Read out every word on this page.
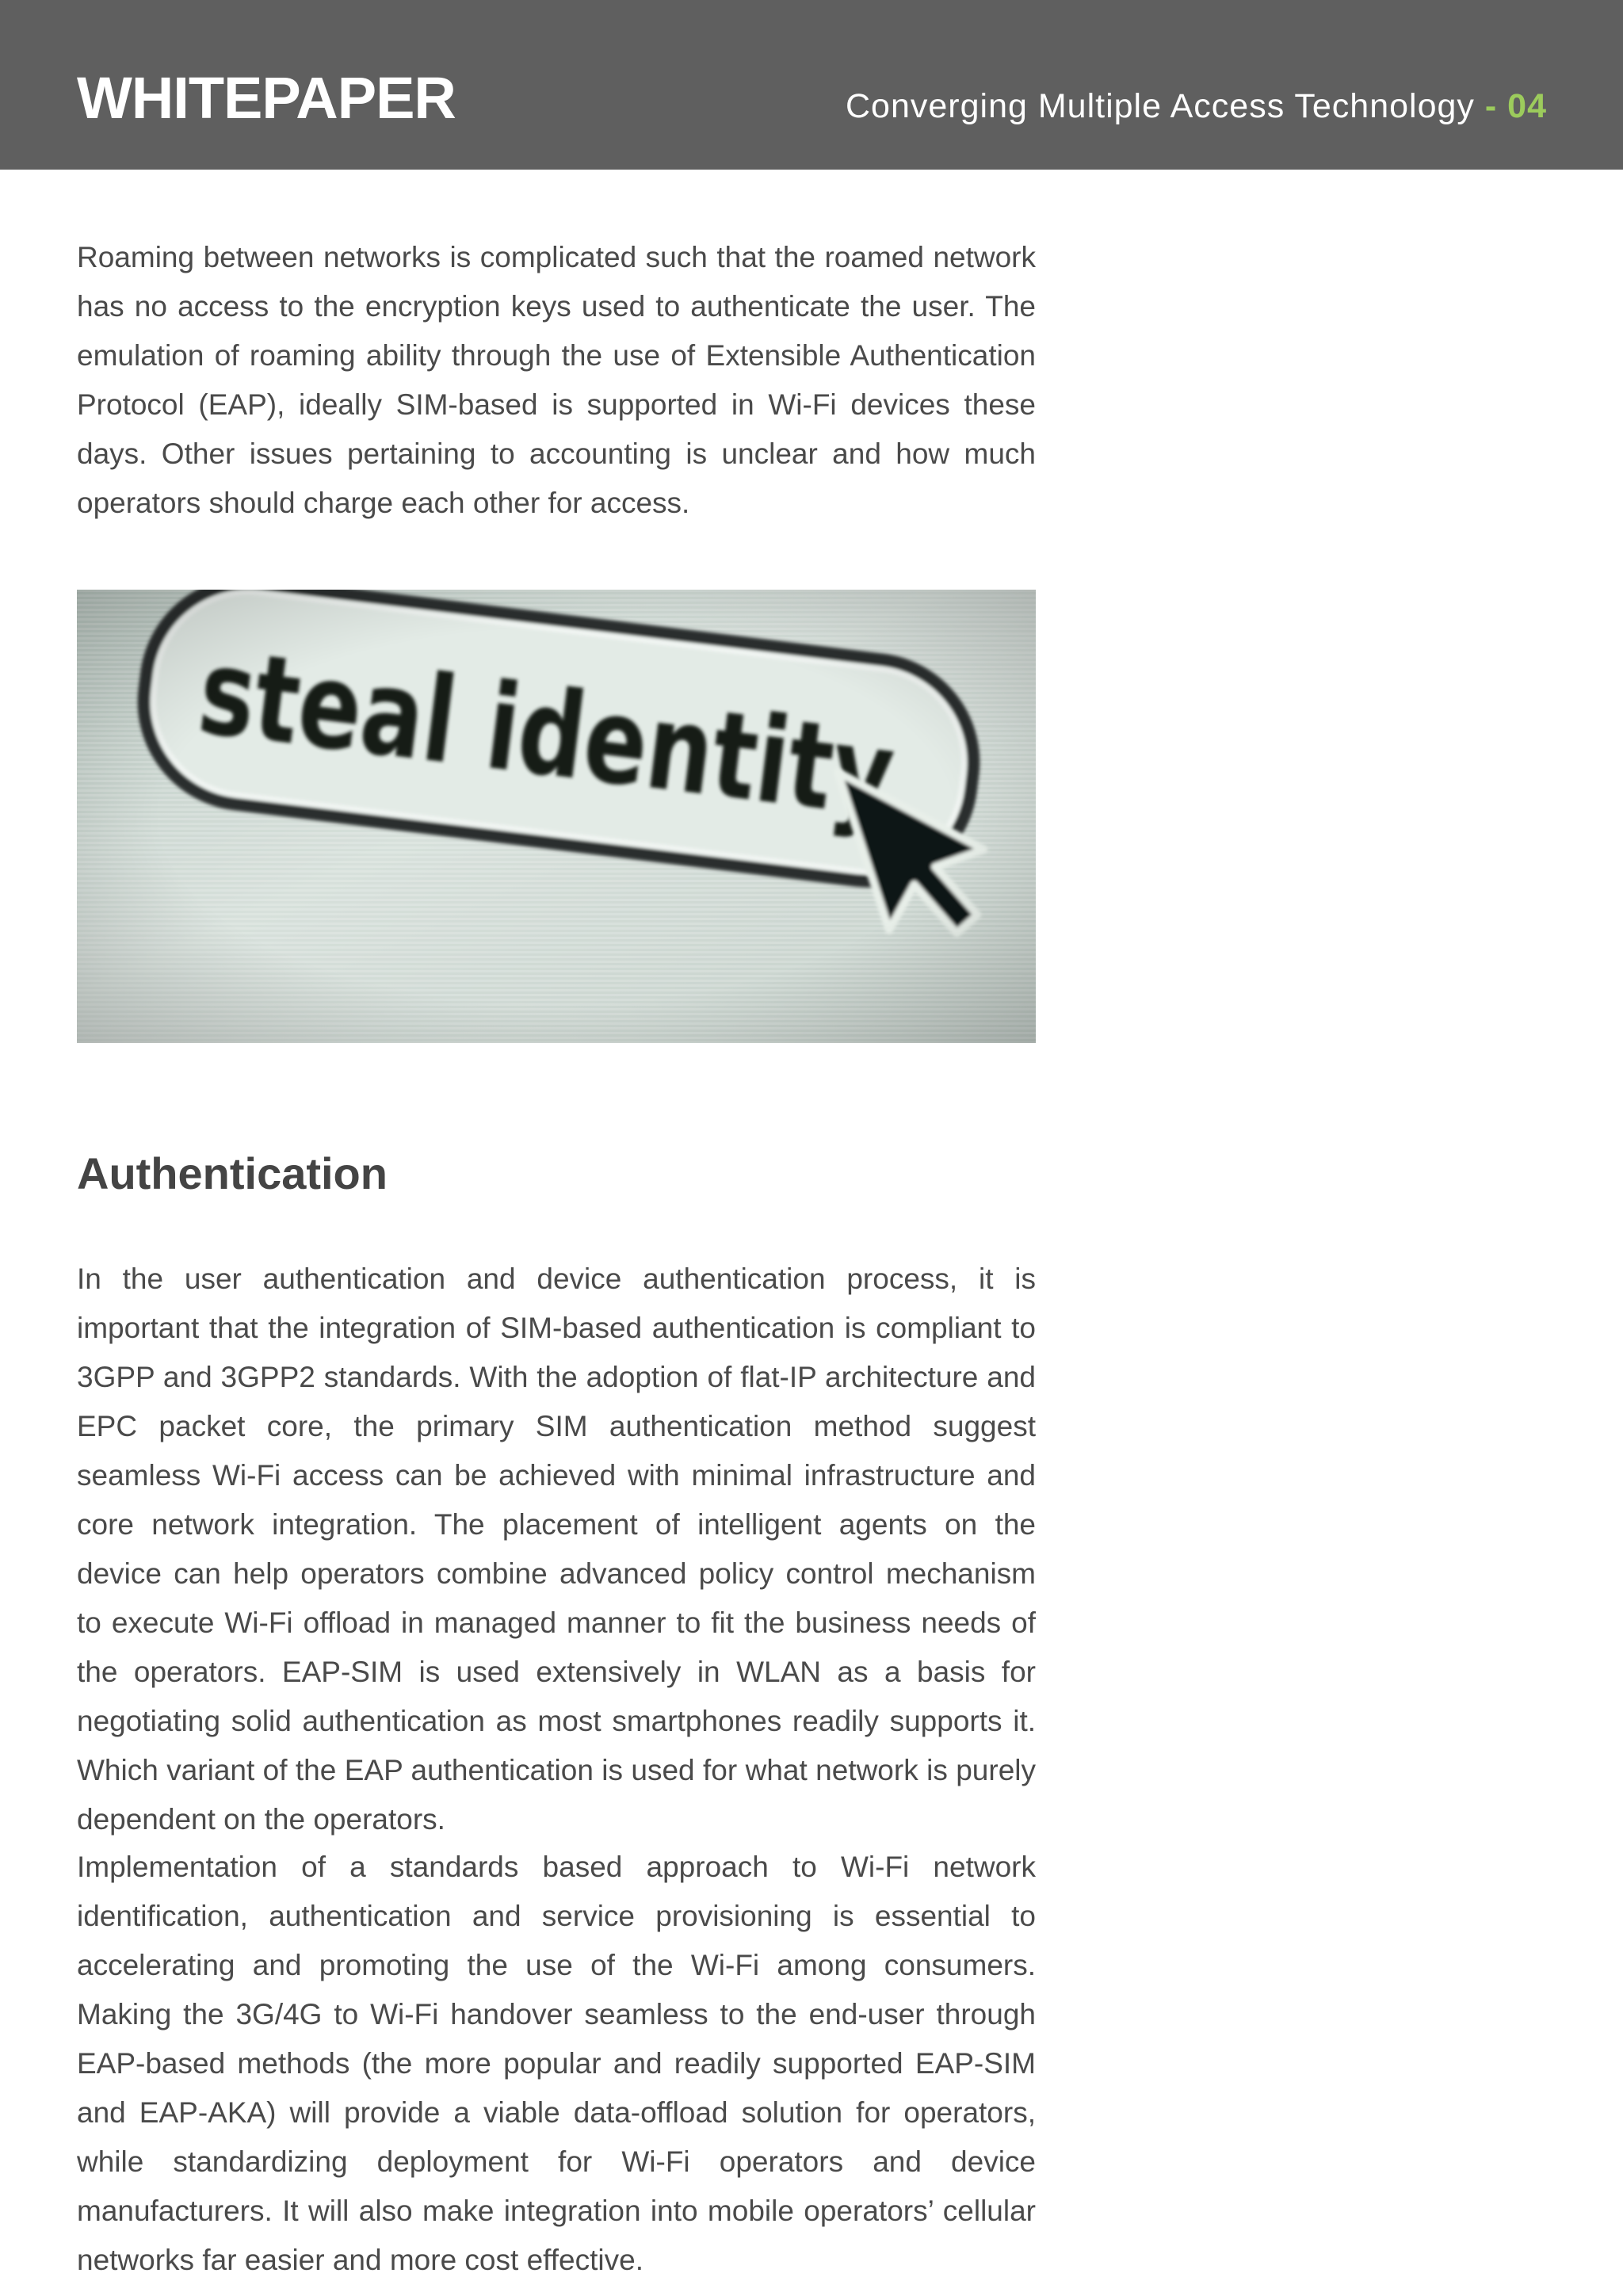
WHITEPAPER	Converging Multiple Access Technology - 04

Roaming between networks is complicated such that the roamed network has no access to the encryption keys used to authenticate the user. The emulation of roaming ability through the use of Extensible Authentication Protocol (EAP), ideally SIM-based is supported in Wi-Fi devices these days. Other issues pertaining to accounting is unclear and how much operators should charge each other for access.

Authentication

In the user authentication and device authentication process, it is important that the integration of SIM-based authentication is compliant to 3GPP and 3GPP2 standards. With the adoption of flat-IP architecture and EPC packet core, the primary SIM authentication method suggest seamless Wi-Fi access can be achieved with minimal infrastructure and core network integration. The placement of intelligent agents on the device can help operators combine advanced policy control mechanism to execute Wi-Fi offload in managed manner to fit the business needs of the operators. EAP-SIM is used extensively in WLAN as a basis for negotiating solid authentication as most smartphones readily supports it. Which variant of the EAP authentication is used for what network is purely dependent on the operators.

Implementation of a standards based approach to Wi-Fi network identification, authentication and service provisioning is essential to accelerating and promoting the use of the Wi-Fi among consumers. Making the 3G/4G to Wi-Fi handover seamless to the end-user through EAP-based methods (the more popular and readily supported EAP-SIM and EAP-AKA) will provide a viable data-offload solution for operators, while standardizing deployment for Wi-Fi operators and device manufacturers. It will also make integration into mobile operators’ cellular networks far easier and more cost effective.
